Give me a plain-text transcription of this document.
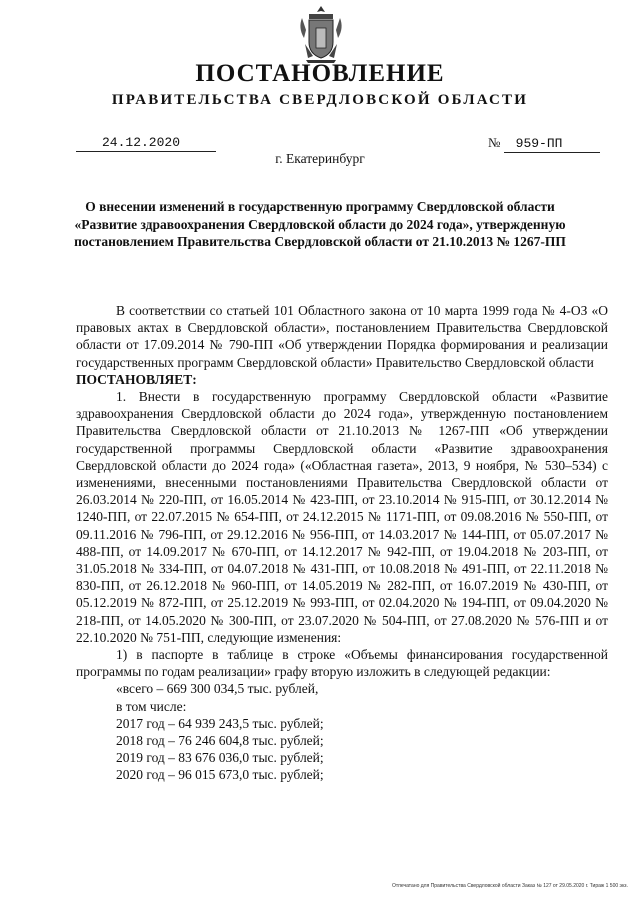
ПОСТАНОВЛЕНИЕ
ПРАВИТЕЛЬСТВА СВЕРДЛОВСКОЙ ОБЛАСТИ
24.12.2020	№ 959-ПП
г. Екатеринбург
О внесении изменений в государственную программу Свердловской области «Развитие здравоохранения Свердловской области до 2024 года», утвержденную постановлением Правительства Свердловской области от 21.10.2013 № 1267-ПП

В соответствии со статьей 101 Областного закона от 10 марта 1999 года № 4-ОЗ «О правовых актах в Свердловской области», постановлением Правительства Свердловской области от 17.09.2014 № 790-ПП «Об утверждении Порядка формирования и реализации государственных программ Свердловской области» Правительство Свердловской области

ПОСТАНОВЛЯЕТ:

1. Внести в государственную программу Свердловской области «Развитие здравоохранения Свердловской области до 2024 года», утвержденную постановлением Правительства Свердловской области от 21.10.2013 № 1267-ПП «Об утверждении государственной программы Свердловской области «Развитие здравоохранения Свердловской области до 2024 года» («Областная газета», 2013, 9 ноября, № 530–534) с изменениями, внесенными постановлениями Правительства Свердловской области от 26.03.2014 № 220-ПП, от 16.05.2014 № 423-ПП, от 23.10.2014 № 915-ПП, от 30.12.2014 № 1240-ПП, от 22.07.2015 № 654-ПП, от 24.12.2015 № 1171-ПП, от 09.08.2016 № 550-ПП, от 09.11.2016 № 796-ПП, от 29.12.2016 № 956-ПП, от 14.03.2017 № 144-ПП, от 05.07.2017 № 488-ПП, от 14.09.2017 № 670-ПП, от 14.12.2017 № 942-ПП, от 19.04.2018 № 203-ПП, от 31.05.2018 № 334-ПП, от 04.07.2018 № 431-ПП, от 10.08.2018 № 491-ПП, от 22.11.2018 № 830-ПП, от 26.12.2018 № 960-ПП, от 14.05.2019 № 282-ПП, от 16.07.2019 № 430-ПП, от 05.12.2019 № 872-ПП, от 25.12.2019 № 993-ПП, от 02.04.2020 № 194-ПП, от 09.04.2020 № 218-ПП, от 14.05.2020 № 300-ПП, от 23.07.2020 № 504-ПП, от 27.08.2020 № 576-ПП и от 22.10.2020 № 751-ПП, следующие изменения:

1) в паспорте в таблице в строке «Объемы финансирования государственной программы по годам реализации» графу вторую изложить в следующей редакции:

«всего – 669 300 034,5 тыс. рублей,

в том числе:

2017 год – 64 939 243,5 тыс. рублей;

2018 год – 76 246 604,8 тыс. рублей;

2019 год – 83 676 036,0 тыс. рублей;

2020 год – 96 015 673,0 тыс. рублей;

Отпечатано для Правительства Свердловской области Заказ № 127 от 29.05.2020 г. Тираж 1 500 экз.
